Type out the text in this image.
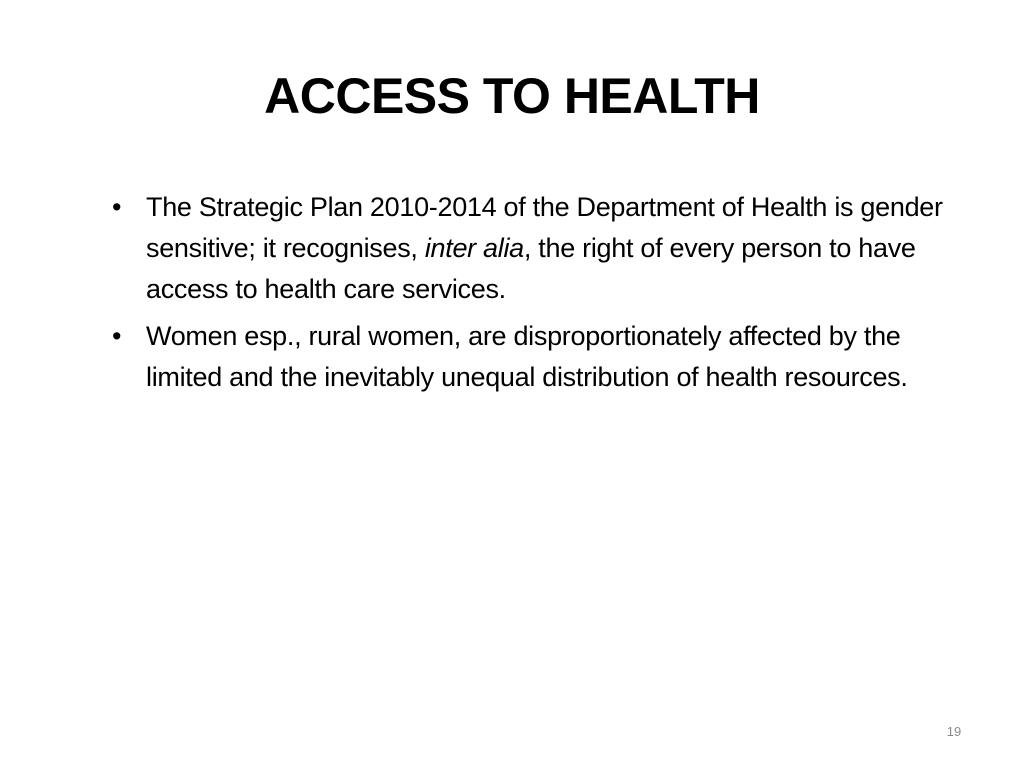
ACCESS TO HEALTH
• The Strategic Plan 2010-2014 of the Department of Health is gender sensitive; it recognises, inter alia, the right of every person to have access to health care services.
• Women esp., rural women, are disproportionately affected by the limited and the inevitably unequal distribution of health resources.
19
